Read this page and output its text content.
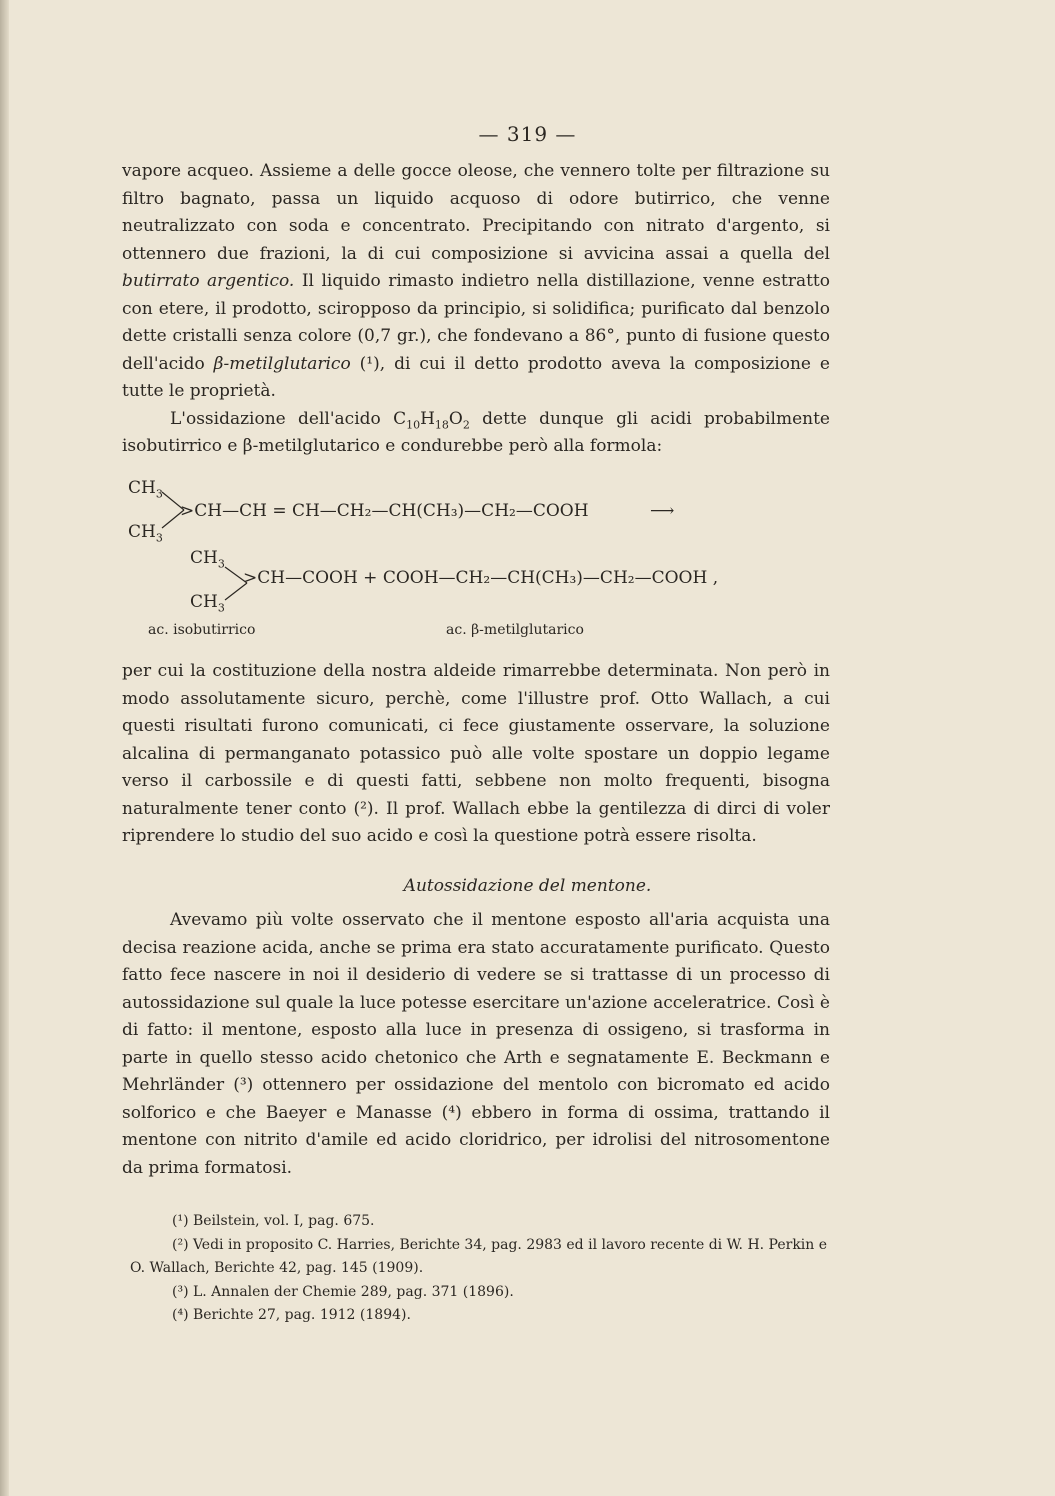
— 319 —

vapore acqueo. Assieme a delle gocce oleose, che vennero tolte per filtrazione su filtro bagnato, passa un liquido acquoso di odore butirrico, che venne neutralizzato con soda e concentrato. Precipitando con nitrato d'argento, si ottennero due frazioni, la di cui composizione si avvicina assai a quella del butirrato argentico. Il liquido rimasto indietro nella distillazione, venne estratto con etere, il prodotto, sciropposo da principio, si solidifica; purificato dal benzolo dette cristalli senza colore (0,7 gr.), che fondevano a 86°, punto di fusione questo dell'acido β-metilglutarico (¹), di cui il detto prodotto aveva la composizione e tutte le proprietà.

L'ossidazione dell'acido $C_{10}H_{18}O_2$ dette dunque gli acidi probabilmente isobutirrico e β-metilglutarico e condurebbe però alla formola:

$CH_3$
$CH_3$
>CH—CH = CH—CH₂—CH(CH₃)—CH₂—COOH	⟶
$CH_3$
$CH_3$
>CH—COOH + COOH—CH₂—CH(CH₃)—CH₂—COOH ,
ac. isobutirrico	ac. β-metilglutarico

per cui la costituzione della nostra aldeide rimarrebbe determinata. Non però in modo assolutamente sicuro, perchè, come l'illustre prof. Otto Wallach, a cui questi risultati furono comunicati, ci fece giustamente osservare, la soluzione alcalina di permanganato potassico può alle volte spostare un doppio legame verso il carbossile e di questi fatti, sebbene non molto frequenti, bisogna naturalmente tener conto (²). Il prof. Wallach ebbe la gentilezza di dirci di voler riprendere lo studio del suo acido e così la questione potrà essere risolta.

Autossidazione del mentone.

Avevamo più volte osservato che il mentone esposto all'aria acquista una decisa reazione acida, anche se prima era stato accuratamente purificato. Questo fatto fece nascere in noi il desiderio di vedere se si trattasse di un processo di autossidazione sul quale la luce potesse esercitare un'azione acceleratrice. Così è di fatto: il mentone, esposto alla luce in presenza di ossigeno, si trasforma in parte in quello stesso acido chetonico che Arth e segnatamente E. Beckmann e Mehrländer (³) ottennero per ossidazione del mentolo con bicromato ed acido solforico e che Baeyer e Manasse (⁴) ebbero in forma di ossima, trattando il mentone con nitrito d'amile ed acido cloridrico, per idrolisi del nitrosomentone da prima formatosi.

(¹) Beilstein, vol. I, pag. 675.

(²) Vedi in proposito C. Harries, Berichte 34, pag. 2983 ed il lavoro recente di W. H. Perkin e O. Wallach, Berichte 42, pag. 145 (1909).

(³) L. Annalen der Chemie 289, pag. 371 (1896).

(⁴) Berichte 27, pag. 1912 (1894).
